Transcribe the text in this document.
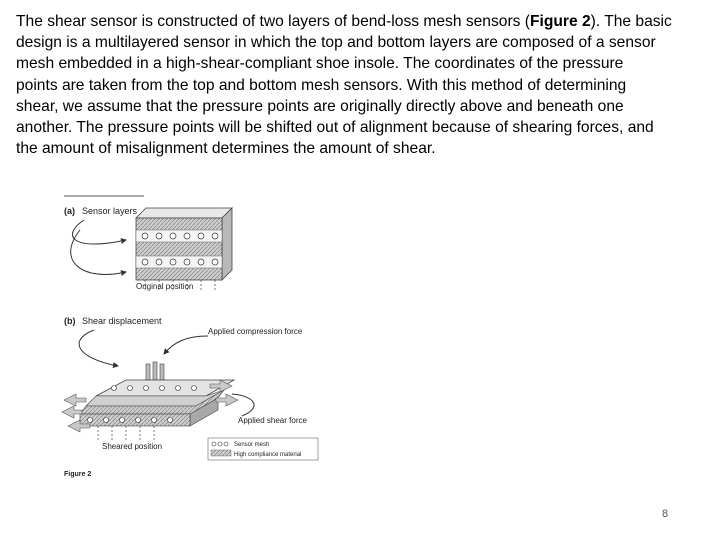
The shear sensor is constructed of two layers of bend-loss mesh sensors (Figure 2). The basic
design is a multilayered sensor in which the top and bottom layers are composed of a sensor
mesh embedded in a high-shear-compliant shoe insole. The coordinates of the pressure
points are taken from the top and bottom mesh sensors. With this method of determining
shear, we assume that the pressure points are originally directly above and beneath one
another. The pressure points will be shifted out of alignment because of shearing forces, and
the amount of misalignment determines the amount of shear.
(a) Sensor layers
Original position
(b) Shear displacement
Applied compression force
Applied shear force
Sheared position	Sensor mesh
High compliance material
Figure 2
8
